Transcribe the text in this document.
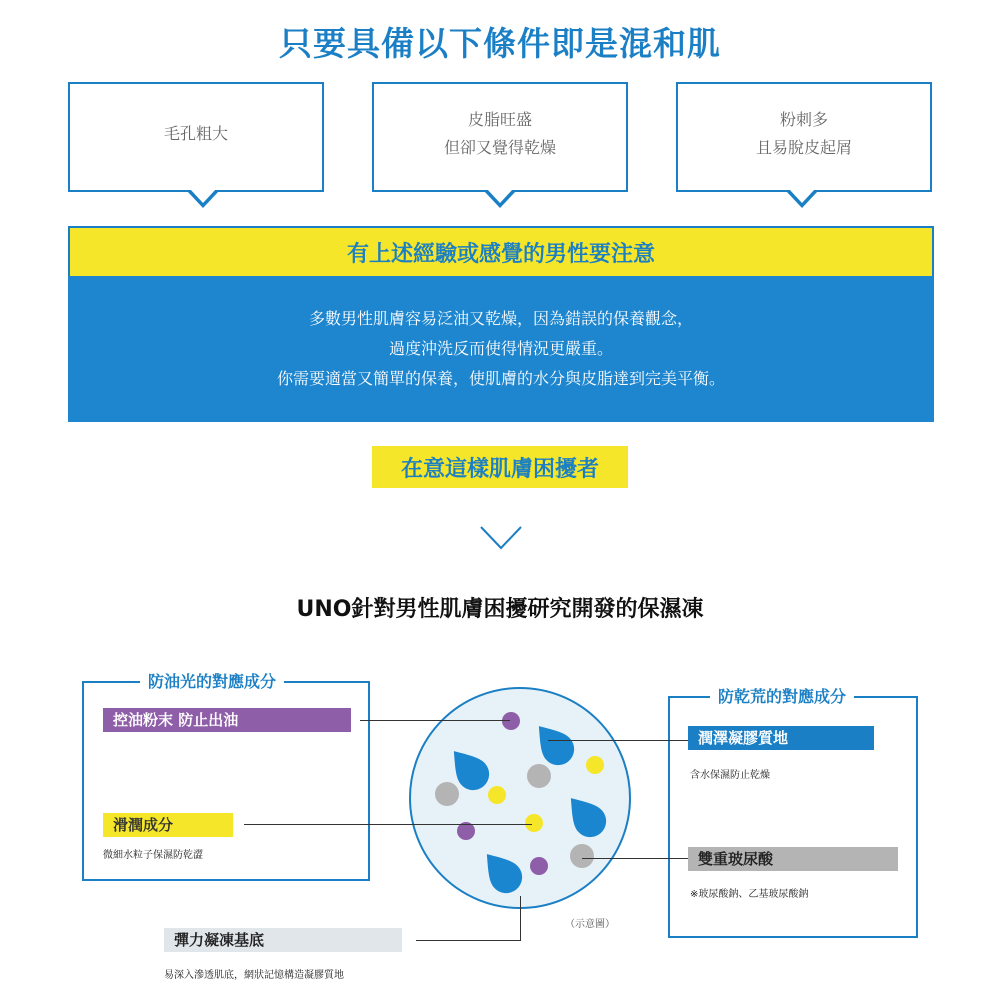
只要具備以下條件即是混和肌
毛孔粗大
皮脂旺盛
但卻又覺得乾燥
粉刺多
且易脫皮起屑
有上述經驗或感覺的男性要注意
多數男性肌膚容易泛油又乾燥，因為錯誤的保養觀念，
過度沖洗反而使得情況更嚴重。
你需要適當又簡單的保養，使肌膚的水分與皮脂達到完美平衡。
在意這樣肌膚困擾者
UNO針對男性肌膚困擾研究開發的保濕凍
防油光的對應成分
控油粉末 防止出油
滑潤成分
微細水粒子保濕防乾澀
防乾荒的對應成分
潤澤凝膠質地
含水保濕防止乾燥
雙重玻尿酸
※玻尿酸鈉、乙基玻尿酸鈉
彈力凝凍基底
易深入滲透肌底，網狀記憶構造凝膠質地
（示意圖）
